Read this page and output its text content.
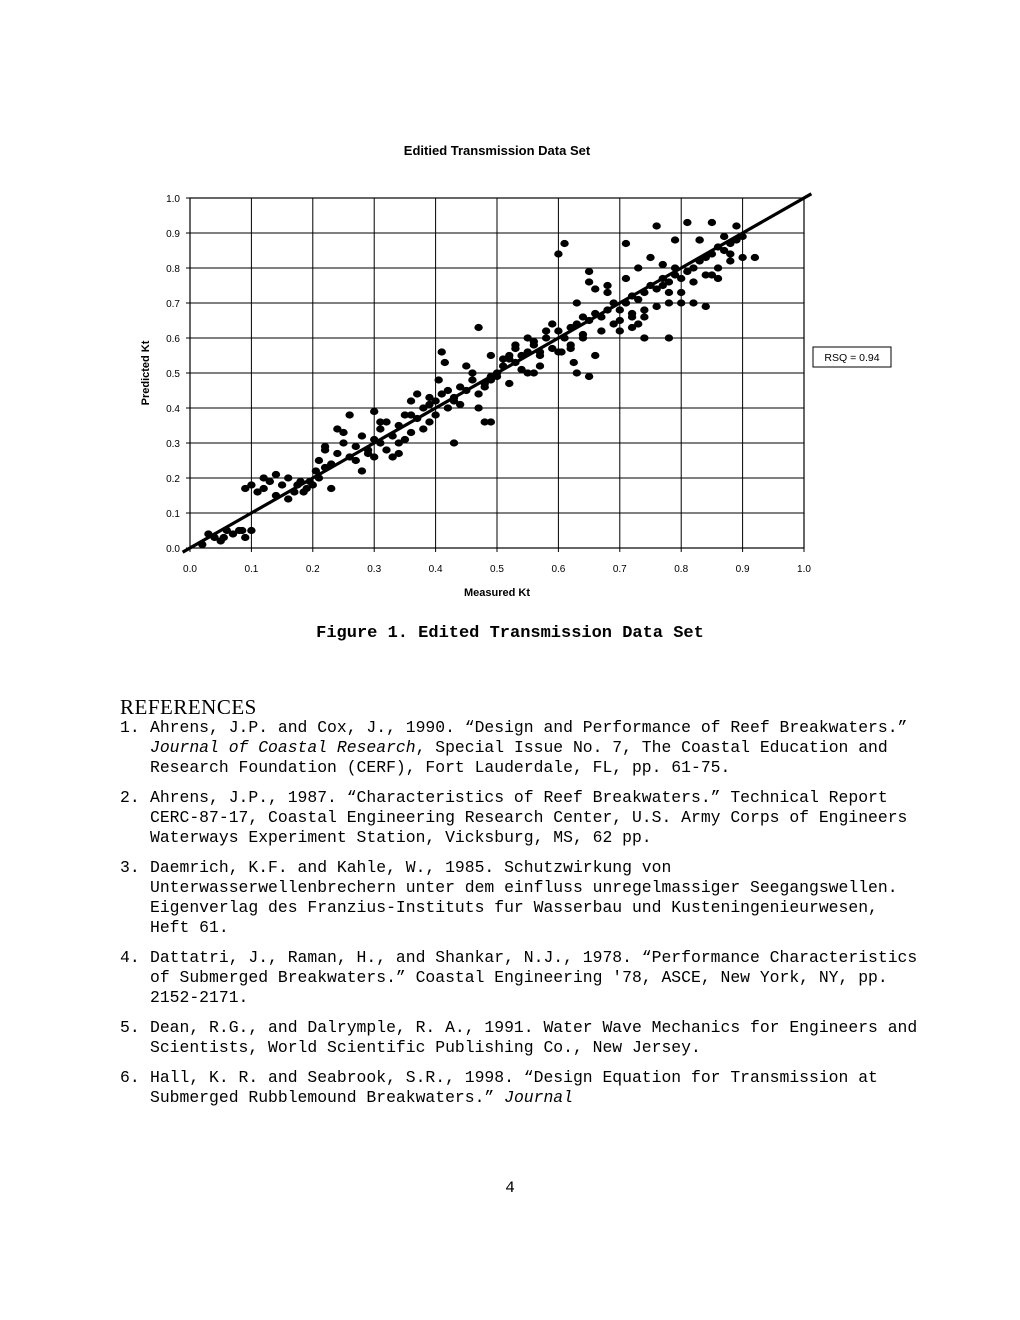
Editied Transmission Data Set
Measured Kt
Predicted Kt
0.0	0.1	0.2	0.3	0.4	0.5	0.6	0.7	0.8	0.9	1.0
0.0
0.1
0.2
0.3
0.4
0.5
0.6
0.7
0.8
0.9
1.0
RSQ = 0.94
Figure 1. Edited Transmission Data Set
REFERENCES
1. Ahrens, J.P. and Cox, J., 1990. “Design and Performance of Reef Breakwaters.” Journal of Coastal Research, Special Issue No. 7, The Coastal Education and Research Foundation (CERF), Fort Lauderdale, FL, pp. 61-75.
2. Ahrens, J.P., 1987. “Characteristics of Reef Breakwaters.” Technical Report CERC-87-17, Coastal Engineering Research Center, U.S. Army Corps of Engineers Waterways Experiment Station, Vicksburg, MS, 62 pp.
3. Daemrich, K.F. and Kahle, W., 1985. Schutzwirkung von Unterwasserwellenbrechern unter dem einfluss unregelmassiger Seegangswellen. Eigenverlag des Franzius-Instituts fur Wasserbau und Kusteningenieurwesen, Heft 61.
4. Dattatri, J., Raman, H., and Shankar, N.J., 1978. “Performance Characteristics of Submerged Breakwaters.” Coastal Engineering '78, ASCE, New York, NY, pp. 2152-2171.
5. Dean, R.G., and Dalrymple, R. A., 1991. Water Wave Mechanics for Engineers and Scientists, World Scientific Publishing Co., New Jersey.
6. Hall, K. R. and Seabrook, S.R., 1998. “Design Equation for Transmission at Submerged Rubblemound Breakwaters.” Journal
4
